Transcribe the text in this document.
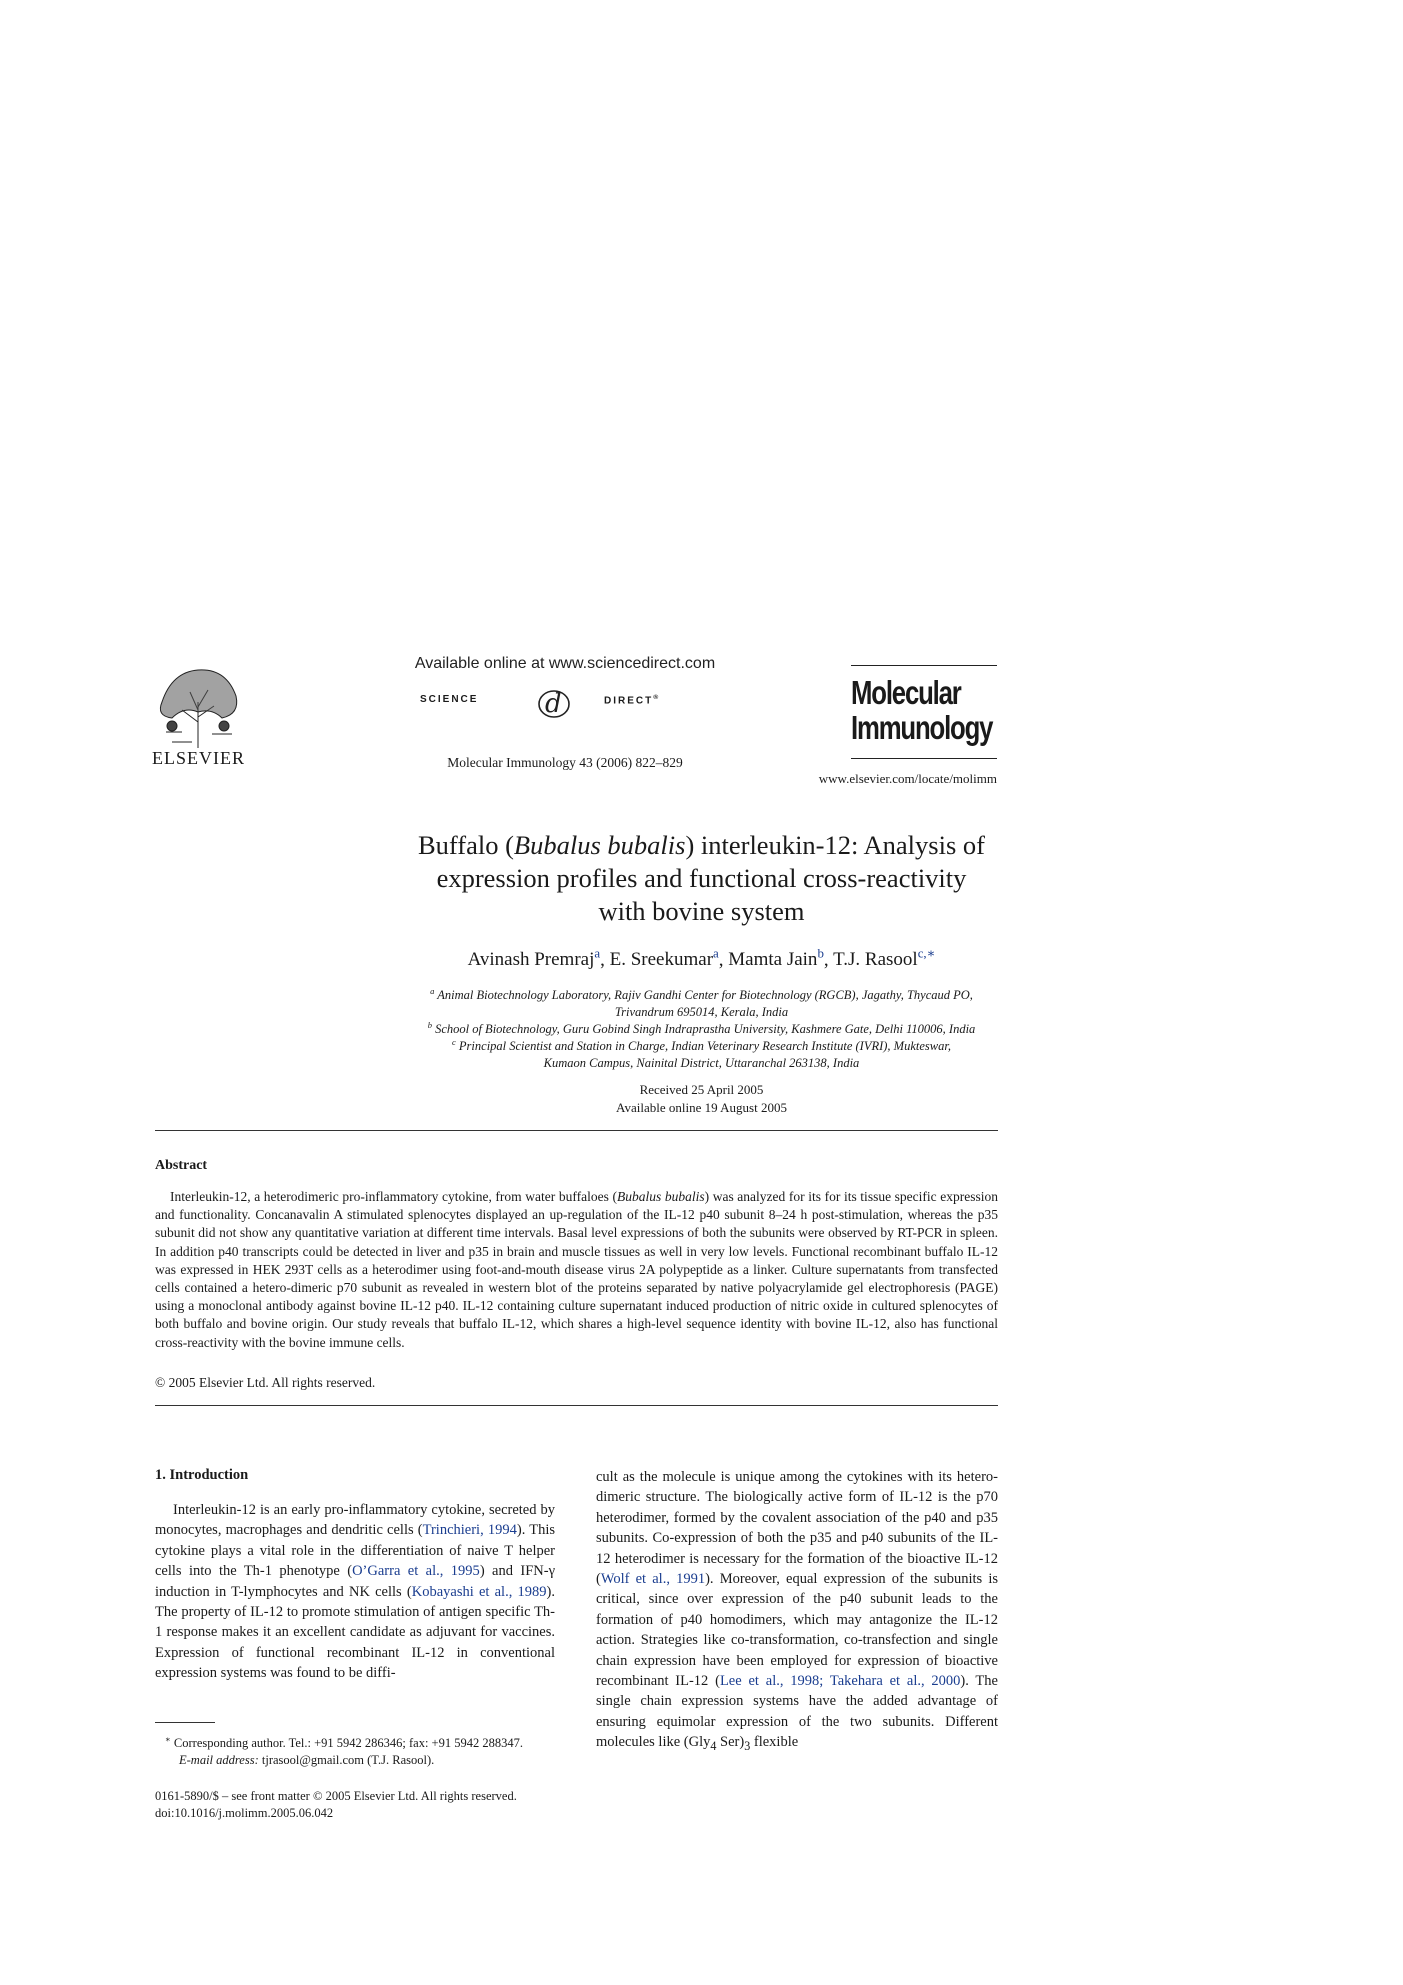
ELSEVIER
Available online at www.sciencedirect.com
SCIENCE	d	DIRECT®
Molecular Immunology 43 (2006) 822–829
Molecular
Immunology
www.elsevier.com/locate/molimm
Buffalo (Bubalus bubalis) interleukin-12: Analysis of
expression profiles and functional cross-reactivity
with bovine system
Avinash Premraj$^a$, E. Sreekumar$^a$, Mamta Jain$^b$, T.J. Rasool$^{c,∗}$
$^a$ Animal Biotechnology Laboratory, Rajiv Gandhi Center for Biotechnology (RGCB), Jagathy, Thycaud PO,
Trivandrum 695014, Kerala, India
$^b$ School of Biotechnology, Guru Gobind Singh Indraprastha University, Kashmere Gate, Delhi 110006, India
$^c$ Principal Scientist and Station in Charge, Indian Veterinary Research Institute (IVRI), Mukteswar,
Kumaon Campus, Nainital District, Uttaranchal 263138, India
Received 25 April 2005
Available online 19 August 2005
Abstract
Interleukin-12, a heterodimeric pro-inflammatory cytokine, from water buffaloes (Bubalus bubalis) was analyzed for its for its tissue specific expression and functionality. Concanavalin A stimulated splenocytes displayed an up-regulation of the IL-12 p40 subunit 8–24 h post-stimulation, whereas the p35 subunit did not show any quantitative variation at different time intervals. Basal level expressions of both the subunits were observed by RT-PCR in spleen. In addition p40 transcripts could be detected in liver and p35 in brain and muscle tissues as well in very low levels. Functional recombinant buffalo IL-12 was expressed in HEK 293T cells as a heterodimer using foot-and-mouth disease virus 2A polypeptide as a linker. Culture supernatants from transfected cells contained a hetero-dimeric p70 subunit as revealed in western blot of the proteins separated by native polyacrylamide gel electrophoresis (PAGE) using a monoclonal antibody against bovine IL-12 p40. IL-12 containing culture supernatant induced production of nitric oxide in cultured splenocytes of both buffalo and bovine origin. Our study reveals that buffalo IL-12, which shares a high-level sequence identity with bovine IL-12, also has functional cross-reactivity with the bovine immune cells.
© 2005 Elsevier Ltd. All rights reserved.
1. Introduction
Interleukin-12 is an early pro-inflammatory cytokine, secreted by monocytes, macrophages and dendritic cells (Trinchieri, 1994). This cytokine plays a vital role in the differentiation of naive T helper cells into the Th-1 phenotype (O’Garra et al., 1995) and IFN-γ induction in T-lymphocytes and NK cells (Kobayashi et al., 1989). The property of IL-12 to promote stimulation of antigen specific Th-1 response makes it an excellent candidate as adjuvant for vaccines. Expression of functional recombinant IL-12 in conventional expression systems was found to be diffi-
cult as the molecule is unique among the cytokines with its hetero-dimeric structure. The biologically active form of IL-12 is the p70 heterodimer, formed by the covalent association of the p40 and p35 subunits. Co-expression of both the p35 and p40 subunits of the IL-12 heterodimer is necessary for the formation of the bioactive IL-12 (Wolf et al., 1991). Moreover, equal expression of the subunits is critical, since over expression of the p40 subunit leads to the formation of p40 homodimers, which may antagonize the IL-12 action. Strategies like co-transformation, co-transfection and single chain expression have been employed for expression of bioactive recombinant IL-12 (Lee et al., 1998; Takehara et al., 2000). The single chain expression systems have the added advantage of ensuring equimolar expression of the two subunits. Different molecules like (Gly$_4$ $Ser)_3$ flexible
∗ Corresponding author. Tel.: +91 5942 286346; fax: +91 5942 288347.
E-mail address: tjrasool@gmail.com (T.J. Rasool).
0161-5890/$ – see front matter © 2005 Elsevier Ltd. All rights reserved.
doi:10.1016/j.molimm.2005.06.042
